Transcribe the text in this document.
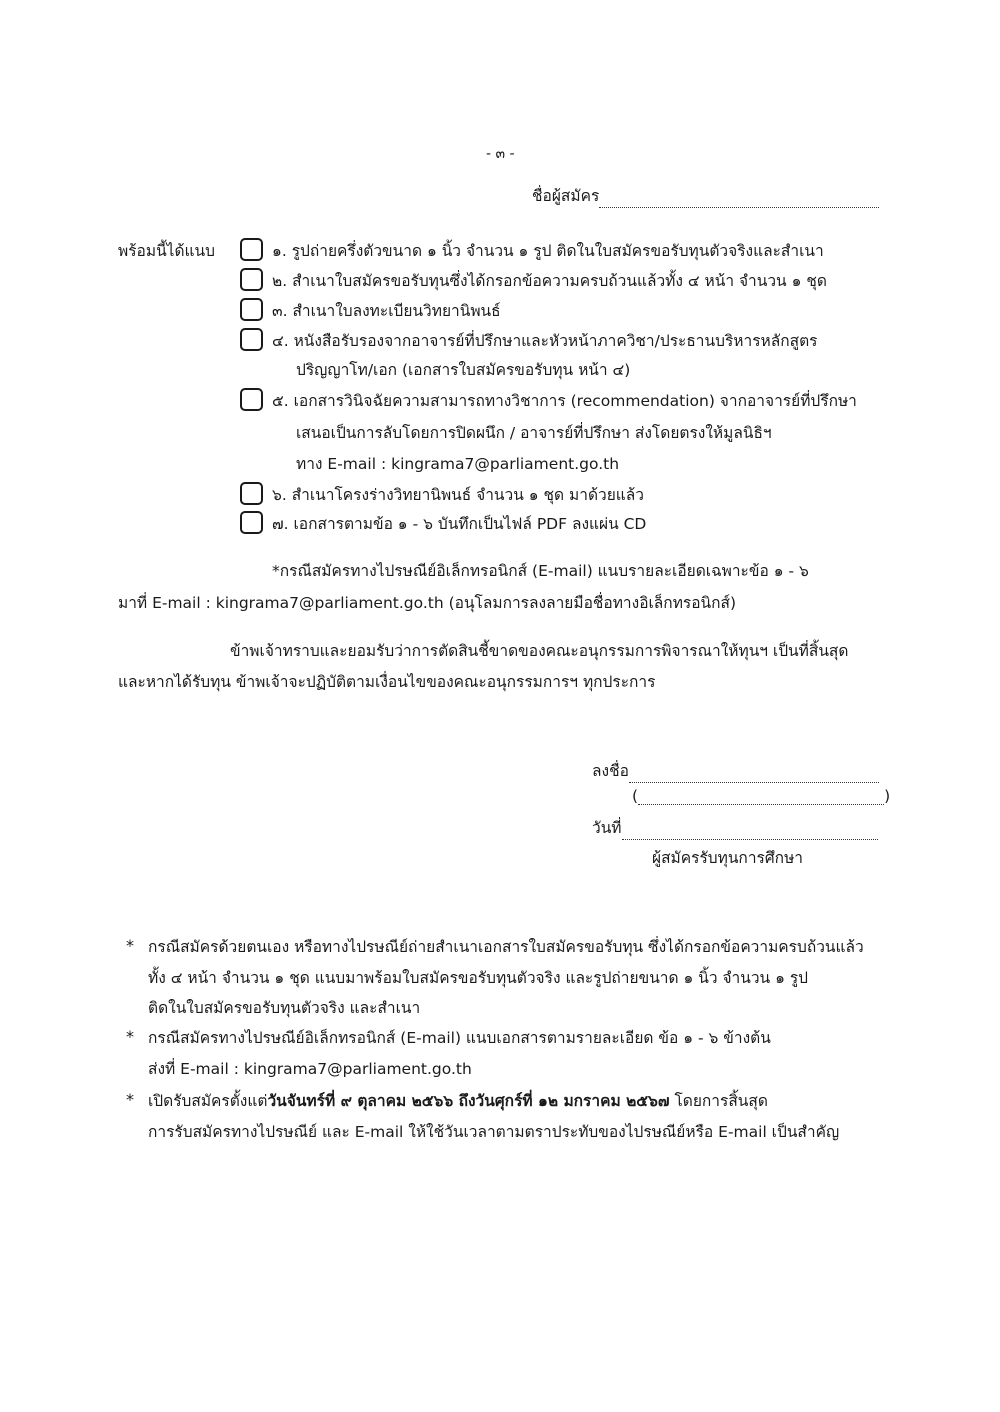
- ๓ -
ชื่อผู้สมัคร
พร้อมนี้ได้แนบ	๑. รูปถ่ายครึ่งตัวขนาด ๑ นิ้ว จำนวน ๑ รูป ติดในใบสมัครขอรับทุนตัวจริงและสำเนา
๒. สำเนาใบสมัครขอรับทุนซึ่งได้กรอกข้อความครบถ้วนแล้วทั้ง ๔ หน้า จำนวน ๑ ชุด
๓. สำเนาใบลงทะเบียนวิทยานิพนธ์
๔. หนังสือรับรองจากอาจารย์ที่ปรึกษาและหัวหน้าภาควิชา/ประธานบริหารหลักสูตร
ปริญญาโท/เอก (เอกสารใบสมัครขอรับทุน หน้า ๔)
๕. เอกสารวินิจฉัยความสามารถทางวิชาการ (recommendation) จากอาจารย์ที่ปรึกษา
เสนอเป็นการลับโดยการปิดผนึก / อาจารย์ที่ปรึกษา ส่งโดยตรงให้มูลนิธิฯ
ทาง E-mail : kingrama7@parliament.go.th
๖. สำเนาโครงร่างวิทยานิพนธ์ จำนวน ๑ ชุด มาด้วยแล้ว
๗. เอกสารตามข้อ ๑ - ๖ บันทึกเป็นไฟล์ PDF ลงแผ่น CD
*กรณีสมัครทางไปรษณีย์อิเล็กทรอนิกส์ (E-mail) แนบรายละเอียดเฉพาะข้อ ๑ - ๖
มาที่ E-mail : kingrama7@parliament.go.th (อนุโลมการลงลายมือชื่อทางอิเล็กทรอนิกส์)
ข้าพเจ้าทราบและยอมรับว่าการตัดสินชี้ขาดของคณะอนุกรรมการพิจารณาให้ทุนฯ เป็นที่สิ้นสุด
และหากได้รับทุน ข้าพเจ้าจะปฏิบัติตามเงื่อนไขของคณะอนุกรรมการฯ ทุกประการ
ลงชื่อ
(	)
วันที่
ผู้สมัครรับทุนการศึกษา
* กรณีสมัครด้วยตนเอง หรือทางไปรษณีย์ถ่ายสำเนาเอกสารใบสมัครขอรับทุน ซึ่งได้กรอกข้อความครบถ้วนแล้ว
ทั้ง ๔ หน้า จำนวน ๑ ชุด แนบมาพร้อมใบสมัครขอรับทุนตัวจริง และรูปถ่ายขนาด ๑ นิ้ว จำนวน ๑ รูป
ติดในใบสมัครขอรับทุนตัวจริง และสำเนา
* กรณีสมัครทางไปรษณีย์อิเล็กทรอนิกส์ (E-mail) แนบเอกสารตามรายละเอียด ข้อ ๑ - ๖ ข้างต้น
ส่งที่ E-mail : kingrama7@parliament.go.th
* เปิดรับสมัครตั้งแต่วันจันทร์ที่ ๙ ตุลาคม ๒๕๖๖ ถึงวันศุกร์ที่ ๑๒ มกราคม ๒๕๖๗ โดยการสิ้นสุด
การรับสมัครทางไปรษณีย์ และ E-mail ให้ใช้วันเวลาตามตราประทับของไปรษณีย์หรือ E-mail เป็นสำคัญ
